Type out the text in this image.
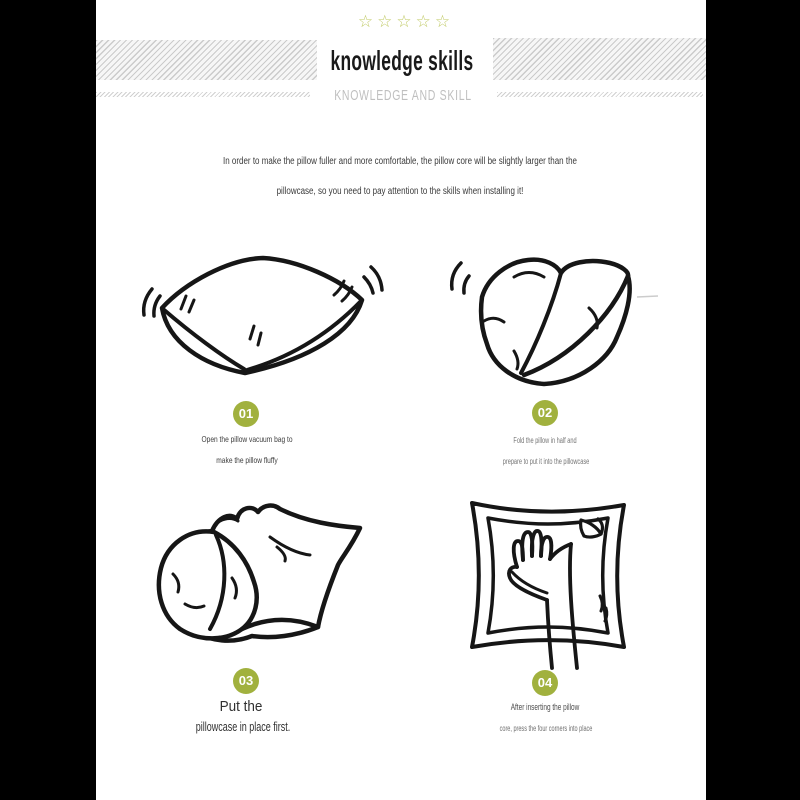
☆☆☆☆☆
knowledge skills
KNOWLEDGE AND SKILL

In order to make the pillow fuller and more comfortable, the pillow core will be slightly larger than the

pillowcase, so you need to pay attention to the skills when installing it!

01	02
03	04

Open the pillow vacuum bag to

make the pillow fluffy

Fold the pillow in half and

prepare to put it into the pillowcase

Put the

pillowcase in place first.

After inserting the pillow

core, press the four corners into place
